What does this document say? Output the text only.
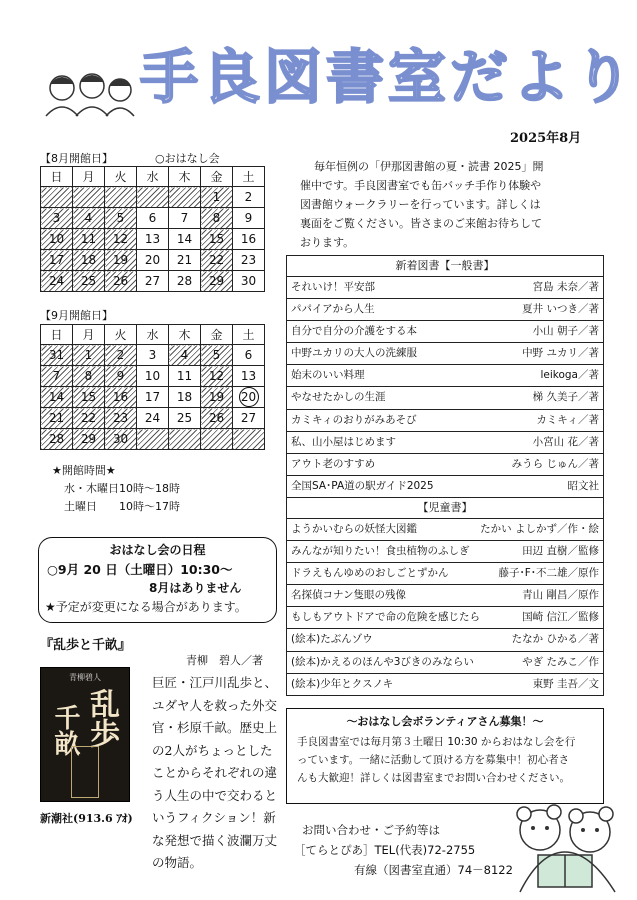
手良図書室だより
2025年8月
【8月開館日】	○おはなし会
日	月	火	水	木	金	土
					1	2
3	4	5	6	7	8	9
10	11	12	13	14	15	16
17	18	19	20	21	22	23
24	25	26	27	28	29	30
【9月開館日】
日	月	火	水	木	金	土
31	1	2	3	4	5	6
7	8	9	10	11	12	13
14	15	16	17	18	19	20
21	22	23	24	25	26	27
28	29	30				
★開館時間★
水・木曜日10時～18時
土曜日　　10時～17時
おはなし会の日程
○9月 20 日（土曜日）10:30～
8月はありません
★予定が変更になる場合があります。
毎年恒例の「伊那図書館の夏・読書 2025」開
催中です。手良図書室でも缶バッチ手作り体験や
図書館ウォークラリーを行っています。詳しくは
裏面をご覧ください。皆さまのご来館お待ちして
おります。
新着図書【一般書】
それいけ！平安部	宮島 未奈／著
パパイアから人生	夏井 いつき／著
自分で自分の介護をする本	小山 朝子／著
中野ユカリの大人の洗練服	中野 ユカリ／著
始末のいい料理	leikoga／著
やなせたかしの生涯	梯 久美子／著
カミキィのおりがみあそび	カミキィ／著
私、山小屋はじめます	小宮山 花／著
アウト老のすすめ	みうら じゅん／著
全国SA･PA道の駅ガイド2025	昭文社
【児童書】
ようかいむらの妖怪大図鑑	たかい よしかず／作・絵
みんなが知りたい！食虫植物のふしぎ	田辺 直樹／監修
ドラえもんゆめのおしごとずかん	藤子･F･不二雄／原作
名探偵コナン隻眼の残像	青山 剛昌／原作
もしもアウトドアで命の危険を感じたら	国崎 信江／監修
(絵本)たぶんゾウ	たなか ひかる／著
(絵本)かえるのほんや3びきのみならい	やぎ たみこ／作
(絵本)少年とクスノキ	東野 圭吾／文
～おはなし会ボランティアさん募集！～
手良図書室では毎月第３土曜日 10:30 からおはなし会を行
っています。一緒に活動して頂ける方を募集中！初心者さ
んも大歓迎！詳しくは図書室までお問い合わせください。
お問い合わせ・ご予約等は
［てらとぴあ］TEL(代表)72-2755
有線（図書室直通）74－8122
『乱歩と千畝』
青柳　碧人／著
青柳碧人
乱歩
千畝
巨匠・江戸川乱歩と、ユダヤ人を救った外交官・杉原千畝。歴史上の2人がちょっとしたことからそれぞれの違う人生の中で交わるというフィクション！新な発想で描く波瀾万丈の物語。
新潮社(913.6 ｱｵ)
